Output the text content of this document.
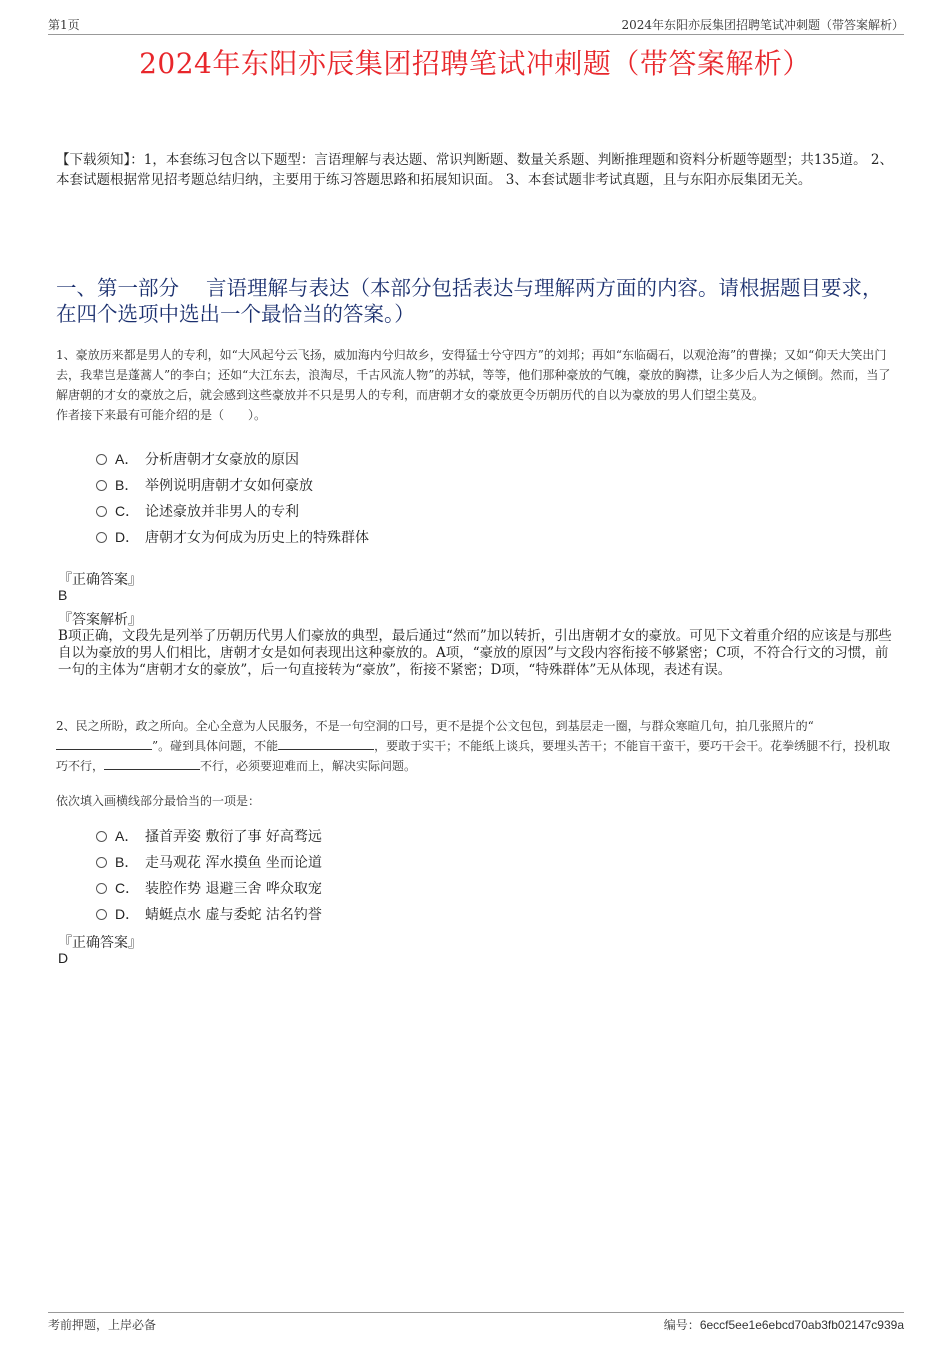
第1页	2024年东阳亦辰集团招聘笔试冲刺题（带答案解析）
2024年东阳亦辰集团招聘笔试冲刺题（带答案解析）
【下载须知】：1，本套练习包含以下题型：言语理解与表达题、常识判断题、数量关系题、判断推理题和资料分析题等题型；共135道。 2、本套试题根据常见招考题总结归纳，主要用于练习答题思路和拓展知识面。 3、本套试题非考试真题，且与东阳亦辰集团无关。
一、第一部分　 言语理解与表达（本部分包括表达与理解两方面的内容。请根据题目要求，在四个选项中选出一个最恰当的答案。）
1、豪放历来都是男人的专利，如“大风起兮云飞扬，威加海内兮归故乡，安得猛士兮守四方”的刘邦；再如“东临碣石，以观沧海”的曹操；又如“仰天大笑出门去，我辈岂是蓬蒿人”的李白；还如“大江东去，浪淘尽，千古风流人物”的苏轼，等等，他们那种豪放的气魄，豪放的胸襟，让多少后人为之倾倒。然而，当了解唐朝的才女的豪放之后，就会感到这些豪放并不只是男人的专利，而唐朝才女的豪放更令历朝历代的自以为豪放的男人们望尘莫及。
作者接下来最有可能介绍的是（　　）。
A． 分析唐朝才女豪放的原因
B． 举例说明唐朝才女如何豪放
C． 论述豪放并非男人的专利
D． 唐朝才女为何成为历史上的特殊群体
『正确答案』
B
『答案解析』
B项正确，文段先是列举了历朝历代男人们豪放的典型，最后通过“然而”加以转折，引出唐朝才女的豪放。可见下文着重介绍的应该是与那些自以为豪放的男人们相比，唐朝才女是如何表现出这种豪放的。A项，“豪放的原因”与文段内容衔接不够紧密；C项，不符合行文的习惯，前一句的主体为“唐朝才女的豪放”，后一句直接转为“豪放”，衔接不紧密；D项，“特殊群体”无从体现，表述有误。
2、民之所盼，政之所向。全心全意为人民服务，不是一句空洞的口号，更不是提个公文包包，到基层走一圈，与群众寒暄几句，拍几张照片的“”。碰到具体问题，不能	，要敢于实干；不能纸上谈兵，要埋头苦干；不能盲干蛮干，要巧干会干。花拳绣腿不行，投机取巧不行，	不行，必须要迎难而上，解决实际问题。
依次填入画横线部分最恰当的一项是：
A． 搔首弄姿 敷衍了事 好高骛远
B． 走马观花 浑水摸鱼 坐而论道
C． 装腔作势 退避三舍 哗众取宠
D． 蜻蜓点水 虚与委蛇 沽名钓誉
『正确答案』
D
考前押题，上岸必备	编号：6eccf5ee1e6ebcd70ab3fb02147c939a
